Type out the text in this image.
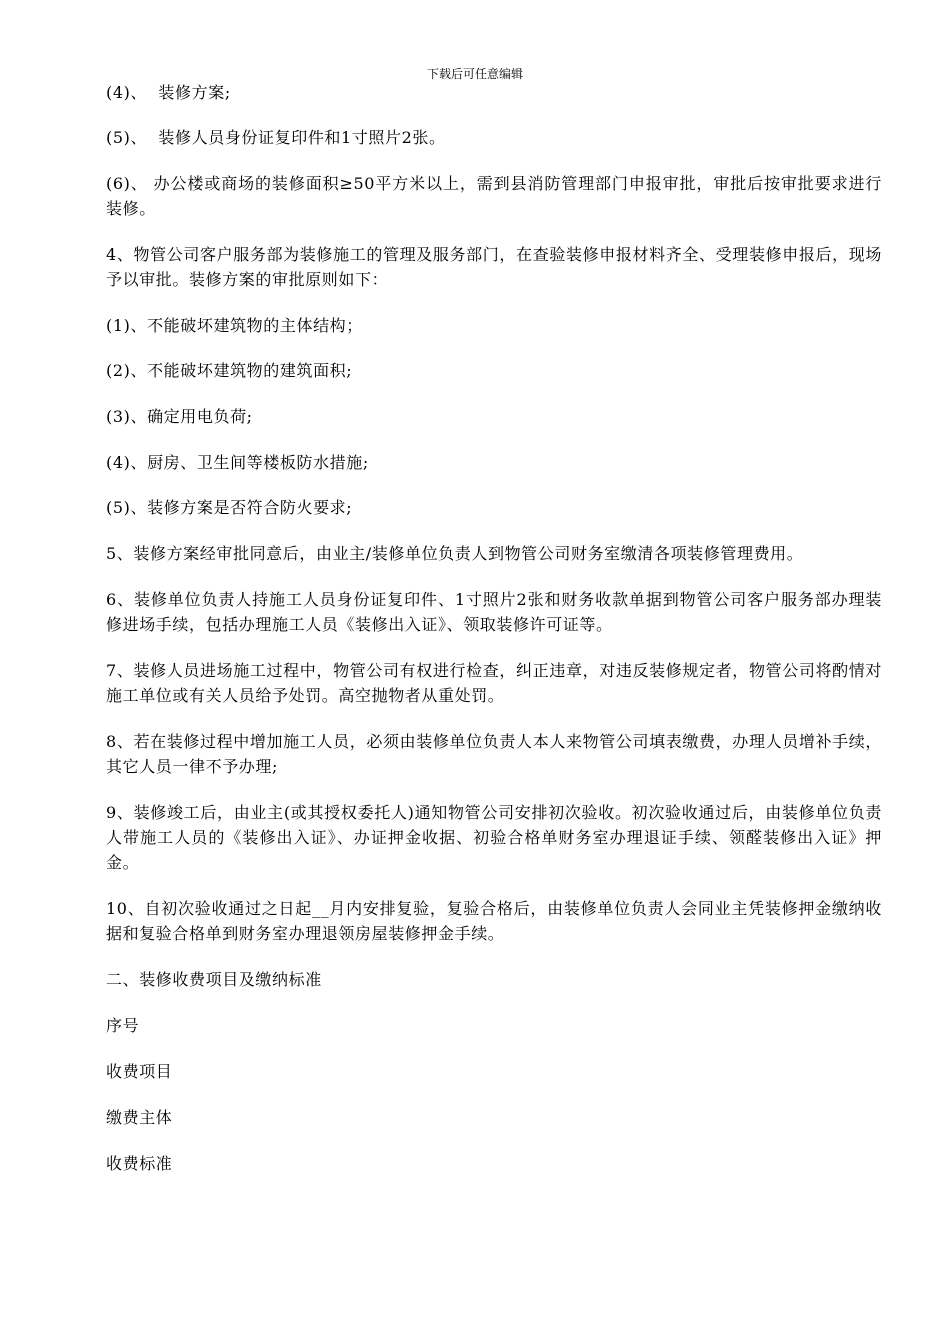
下载后可任意编辑

(4)、  装修方案;

(5)、  装修人员身份证复印件和1寸照片2张。

(6)、 办公楼或商场的装修面积≥50平方米以上，需到县消防管理部门申报审批，审批后按审批要求进行装修。

4、物管公司客户服务部为装修施工的管理及服务部门，在查验装修申报材料齐全、受理装修申报后，现场予以审批。装修方案的审批原则如下：

(1)、不能破坏建筑物的主体结构；

(2)、不能破坏建筑物的建筑面积;

(3)、确定用电负荷;

(4)、厨房、卫生间等楼板防水措施;

(5)、装修方案是否符合防火要求;

5、装修方案经审批同意后，由业主/装修单位负责人到物管公司财务室缴清各项装修管理费用。

6、装修单位负责人持施工人员身份证复印件、1寸照片2张和财务收款单据到物管公司客户服务部办理装修进场手续，包括办理施工人员《装修出入证》、领取装修许可证等。

7、装修人员进场施工过程中，物管公司有权进行检查，纠正违章，对违反装修规定者，物管公司将酌情对施工单位或有关人员给予处罚。高空抛物者从重处罚。

8、若在装修过程中增加施工人员，必须由装修单位负责人本人来物管公司填表缴费，办理人员增补手续，其它人员一律不予办理;

9、装修竣工后，由业主(或其授权委托人)通知物管公司安排初次验收。初次验收通过后，由装修单位负责人带施工人员的《装修出入证》、办证押金收据、初验合格单财务室办理退证手续、领醛装修出入证》押金。

10、自初次验收通过之日起__月内安排复验，复验合格后，由装修单位负责人会同业主凭装修押金缴纳收据和复验合格单到财务室办理退领房屋装修押金手续。

二、装修收费项目及缴纳标准

序号

收费项目

缴费主体

收费标准
